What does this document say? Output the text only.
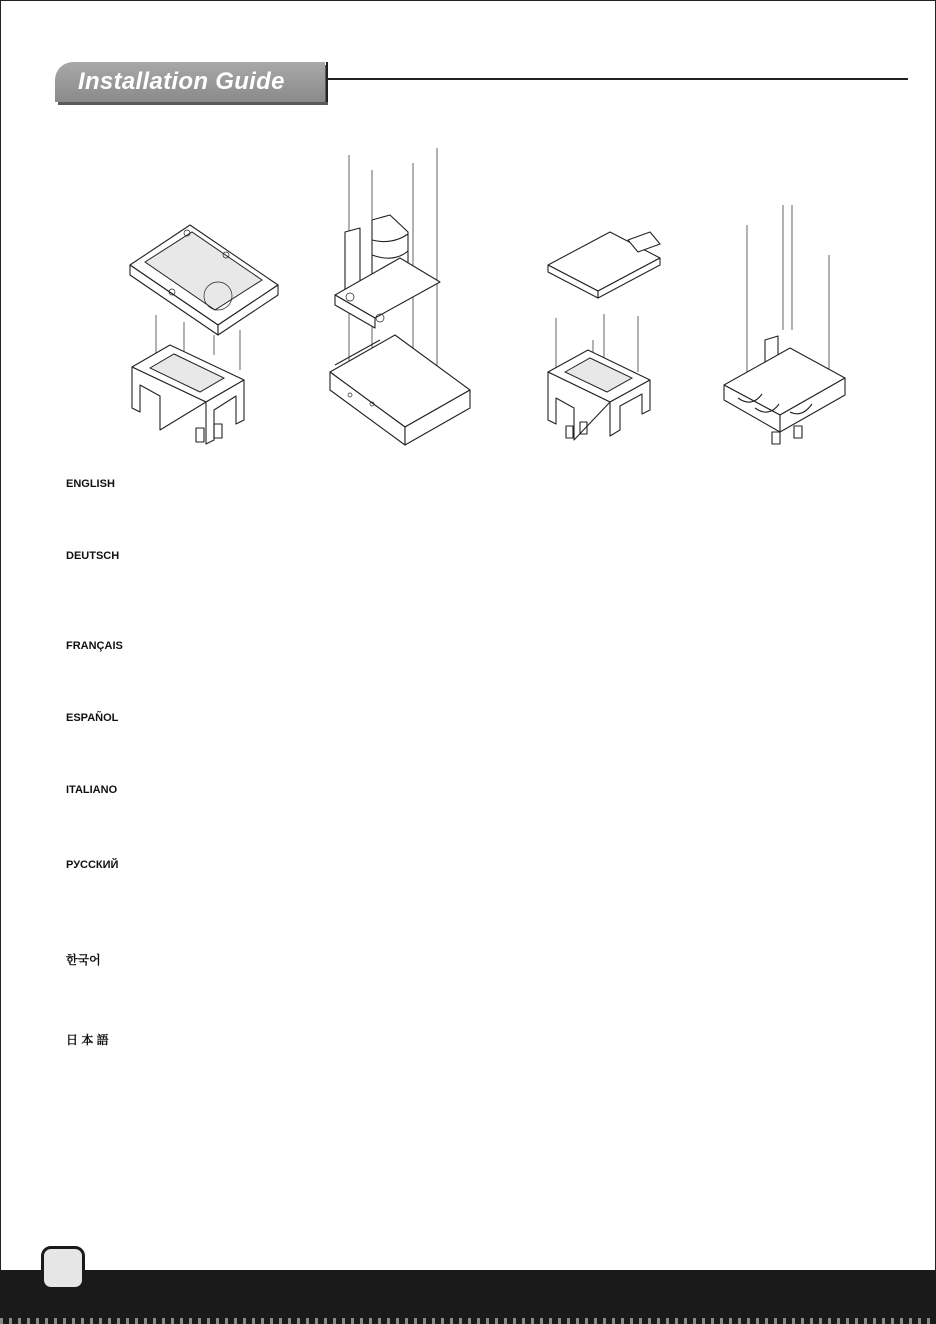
Installation Guide
ENGLISH
DEUTSCH
FRANÇAIS
ESPAÑOL
ITALIANO
РУССКИЙ
한국어
日 本 語
